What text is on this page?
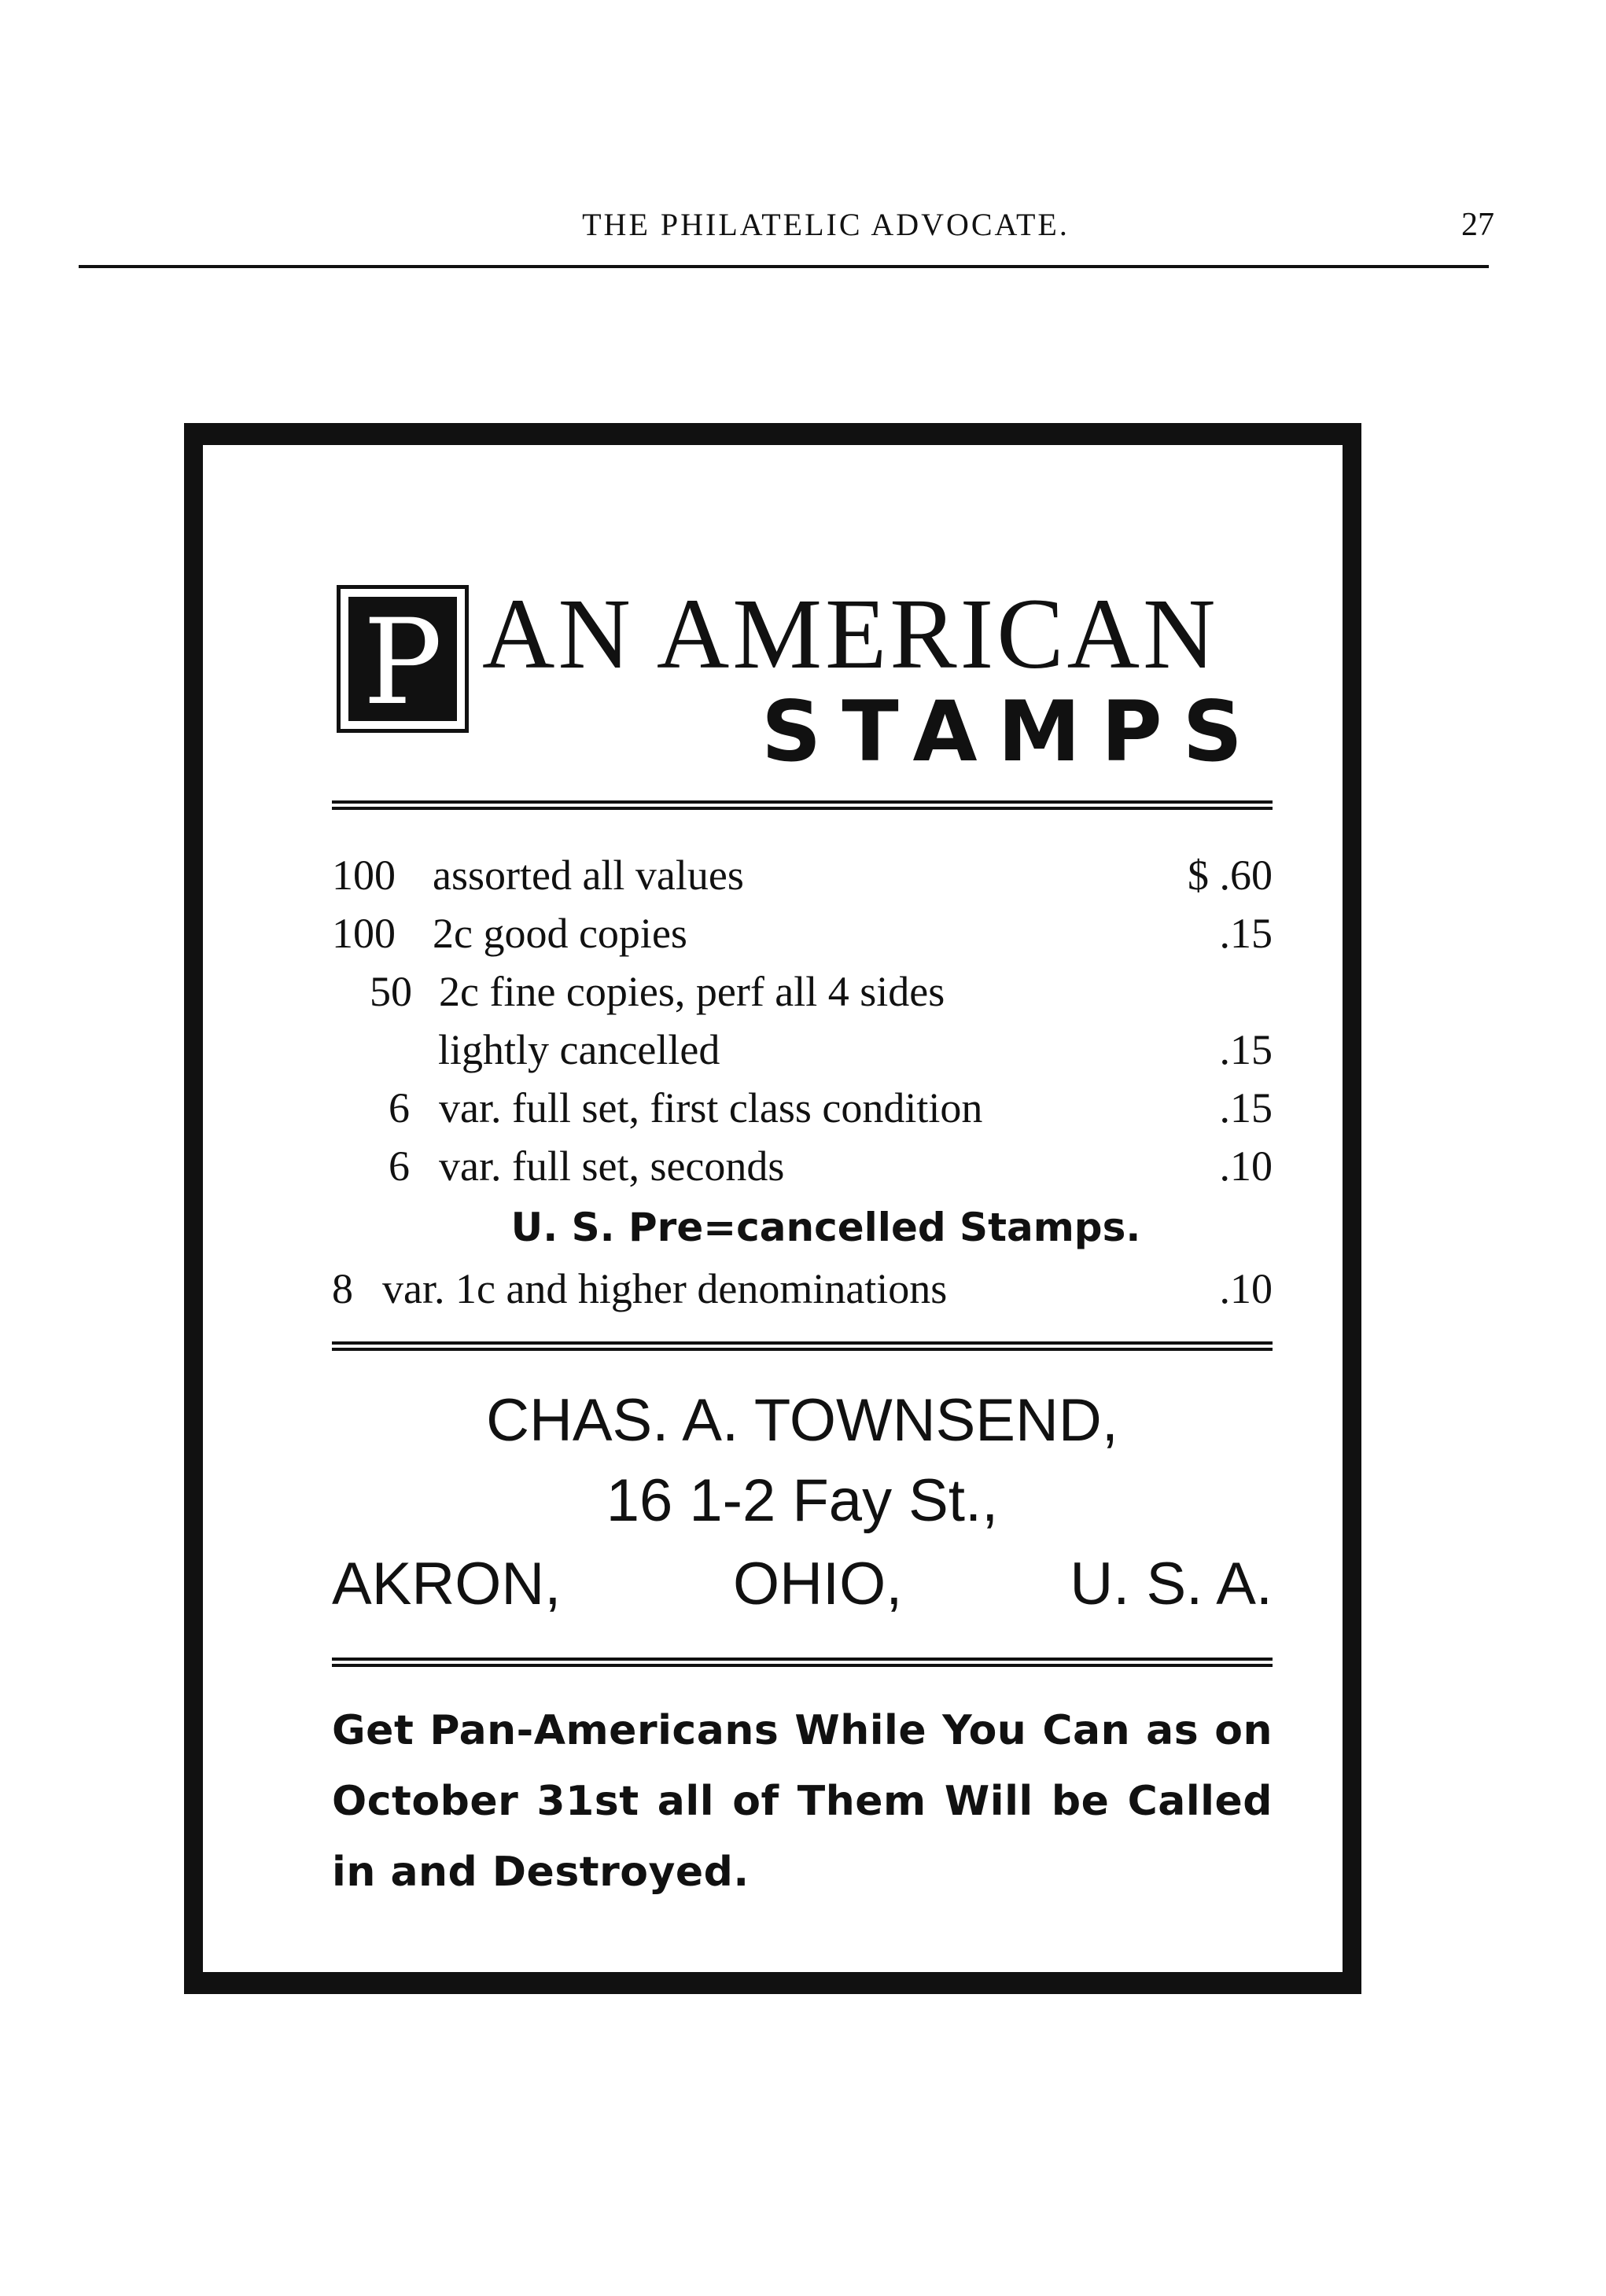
THE PHILATELIC ADVOCATE.	27
P AN AMERICAN
STAMPS
100 assorted all values	$ .60
100 2c good copies	.15
50 2c fine copies, perf all 4 sides
lightly cancelled	.15
6 var. full set, first class condition	.15
6 var. full set, seconds	.10
U. S. Pre=cancelled Stamps.
8 var. 1c and higher denominations	.10
CHAS. A. TOWNSEND,
16 1-2 Fay St.,
AKRON,	OHIO,	U. S. A.
Get Pan-Americans While You Can as on October 31st all of Them Will be Called in and Destroyed.
